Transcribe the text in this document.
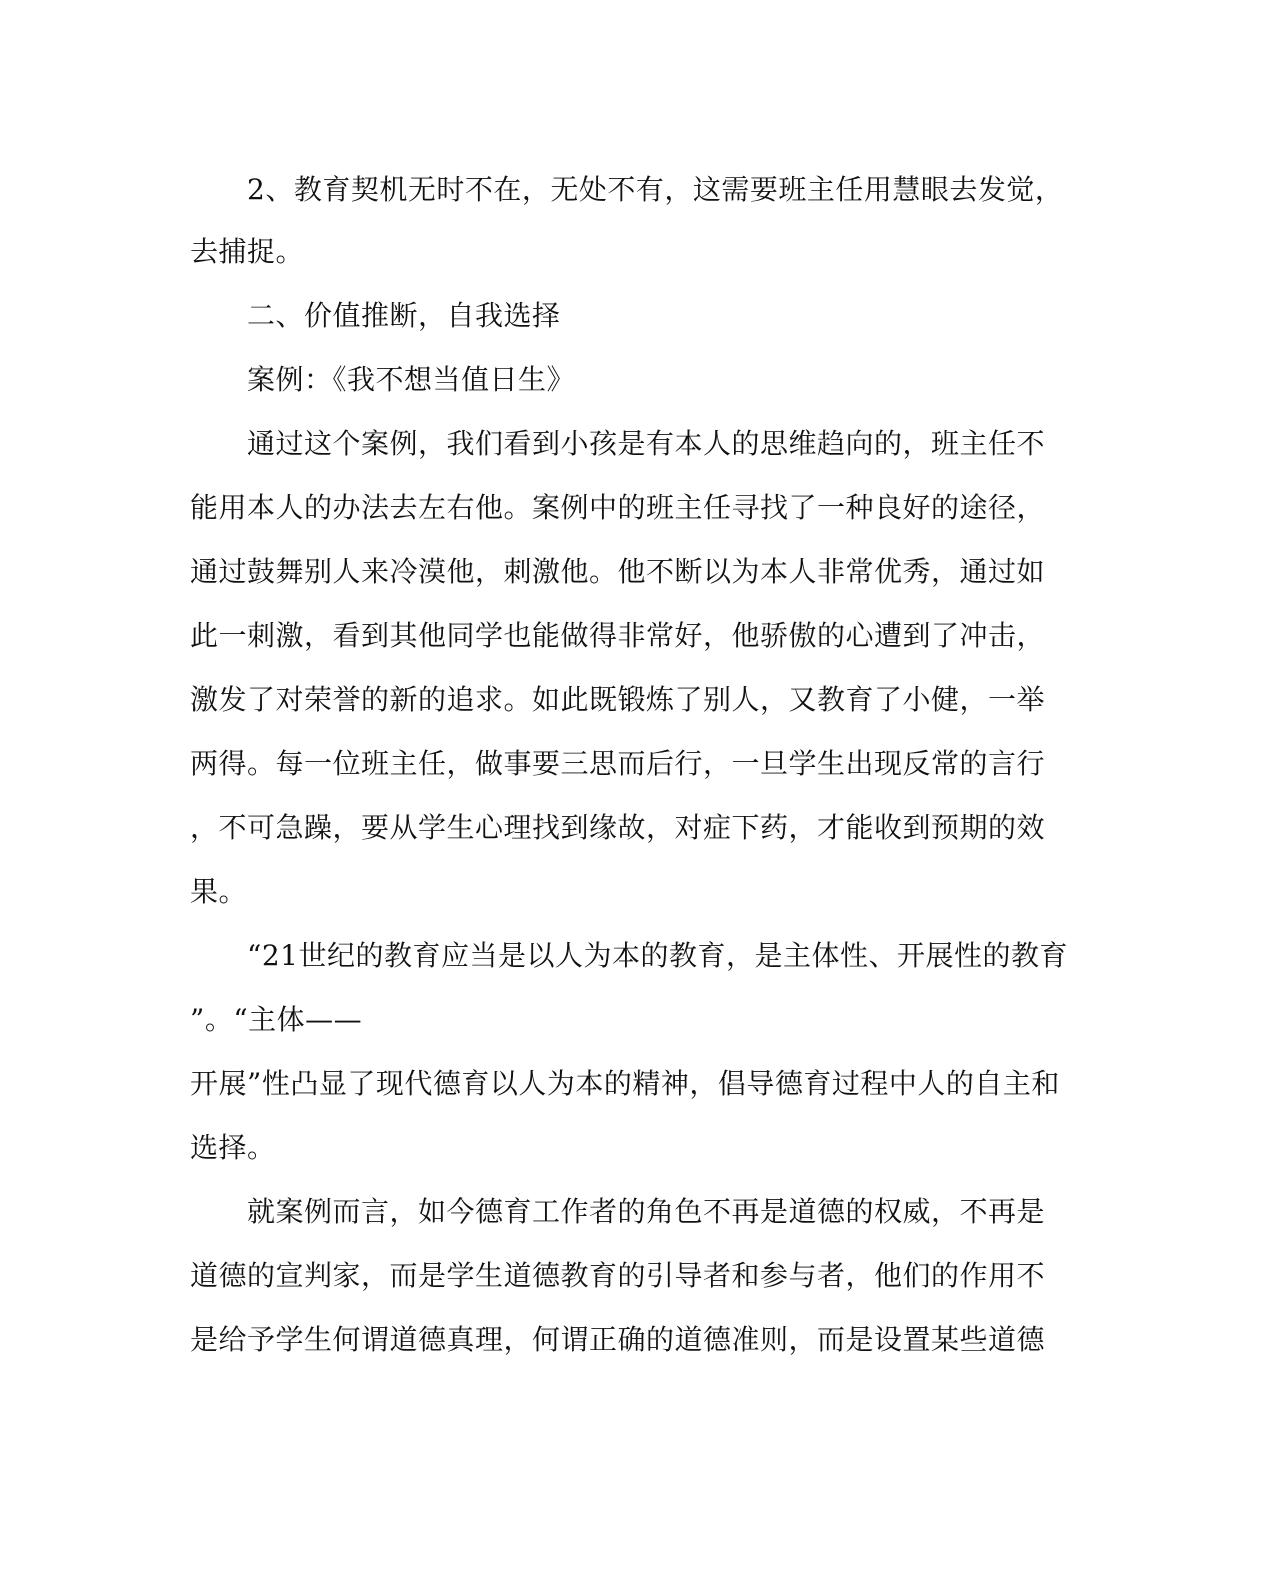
2、教育契机无时不在，无处不有，这需要班主任用慧眼去发觉，
去捕捉。
二、价值推断，自我选择
案例：《我不想当值日生》
通过这个案例，我们看到小孩是有本人的思维趋向的，班主任不
能用本人的办法去左右他。案例中的班主任寻找了一种良好的途径，
通过鼓舞别人来冷漠他，刺激他。他不断以为本人非常优秀，通过如
此一刺激，看到其他同学也能做得非常好，他骄傲的心遭到了冲击，
激发了对荣誉的新的追求。如此既锻炼了别人，又教育了小健，一举
两得。每一位班主任，做事要三思而后行，一旦学生出现反常的言行
，不可急躁，要从学生心理找到缘故，对症下药，才能收到预期的效
果。
“21世纪的教育应当是以人为本的教育，是主体性、开展性的教育
”。“主体——
开展”性凸显了现代德育以人为本的精神，倡导德育过程中人的自主和
选择。
就案例而言，如今德育工作者的角色不再是道德的权威，不再是
道德的宣判家，而是学生道德教育的引导者和参与者，他们的作用不
是给予学生何谓道德真理，何谓正确的道德准则，而是设置某些道德
